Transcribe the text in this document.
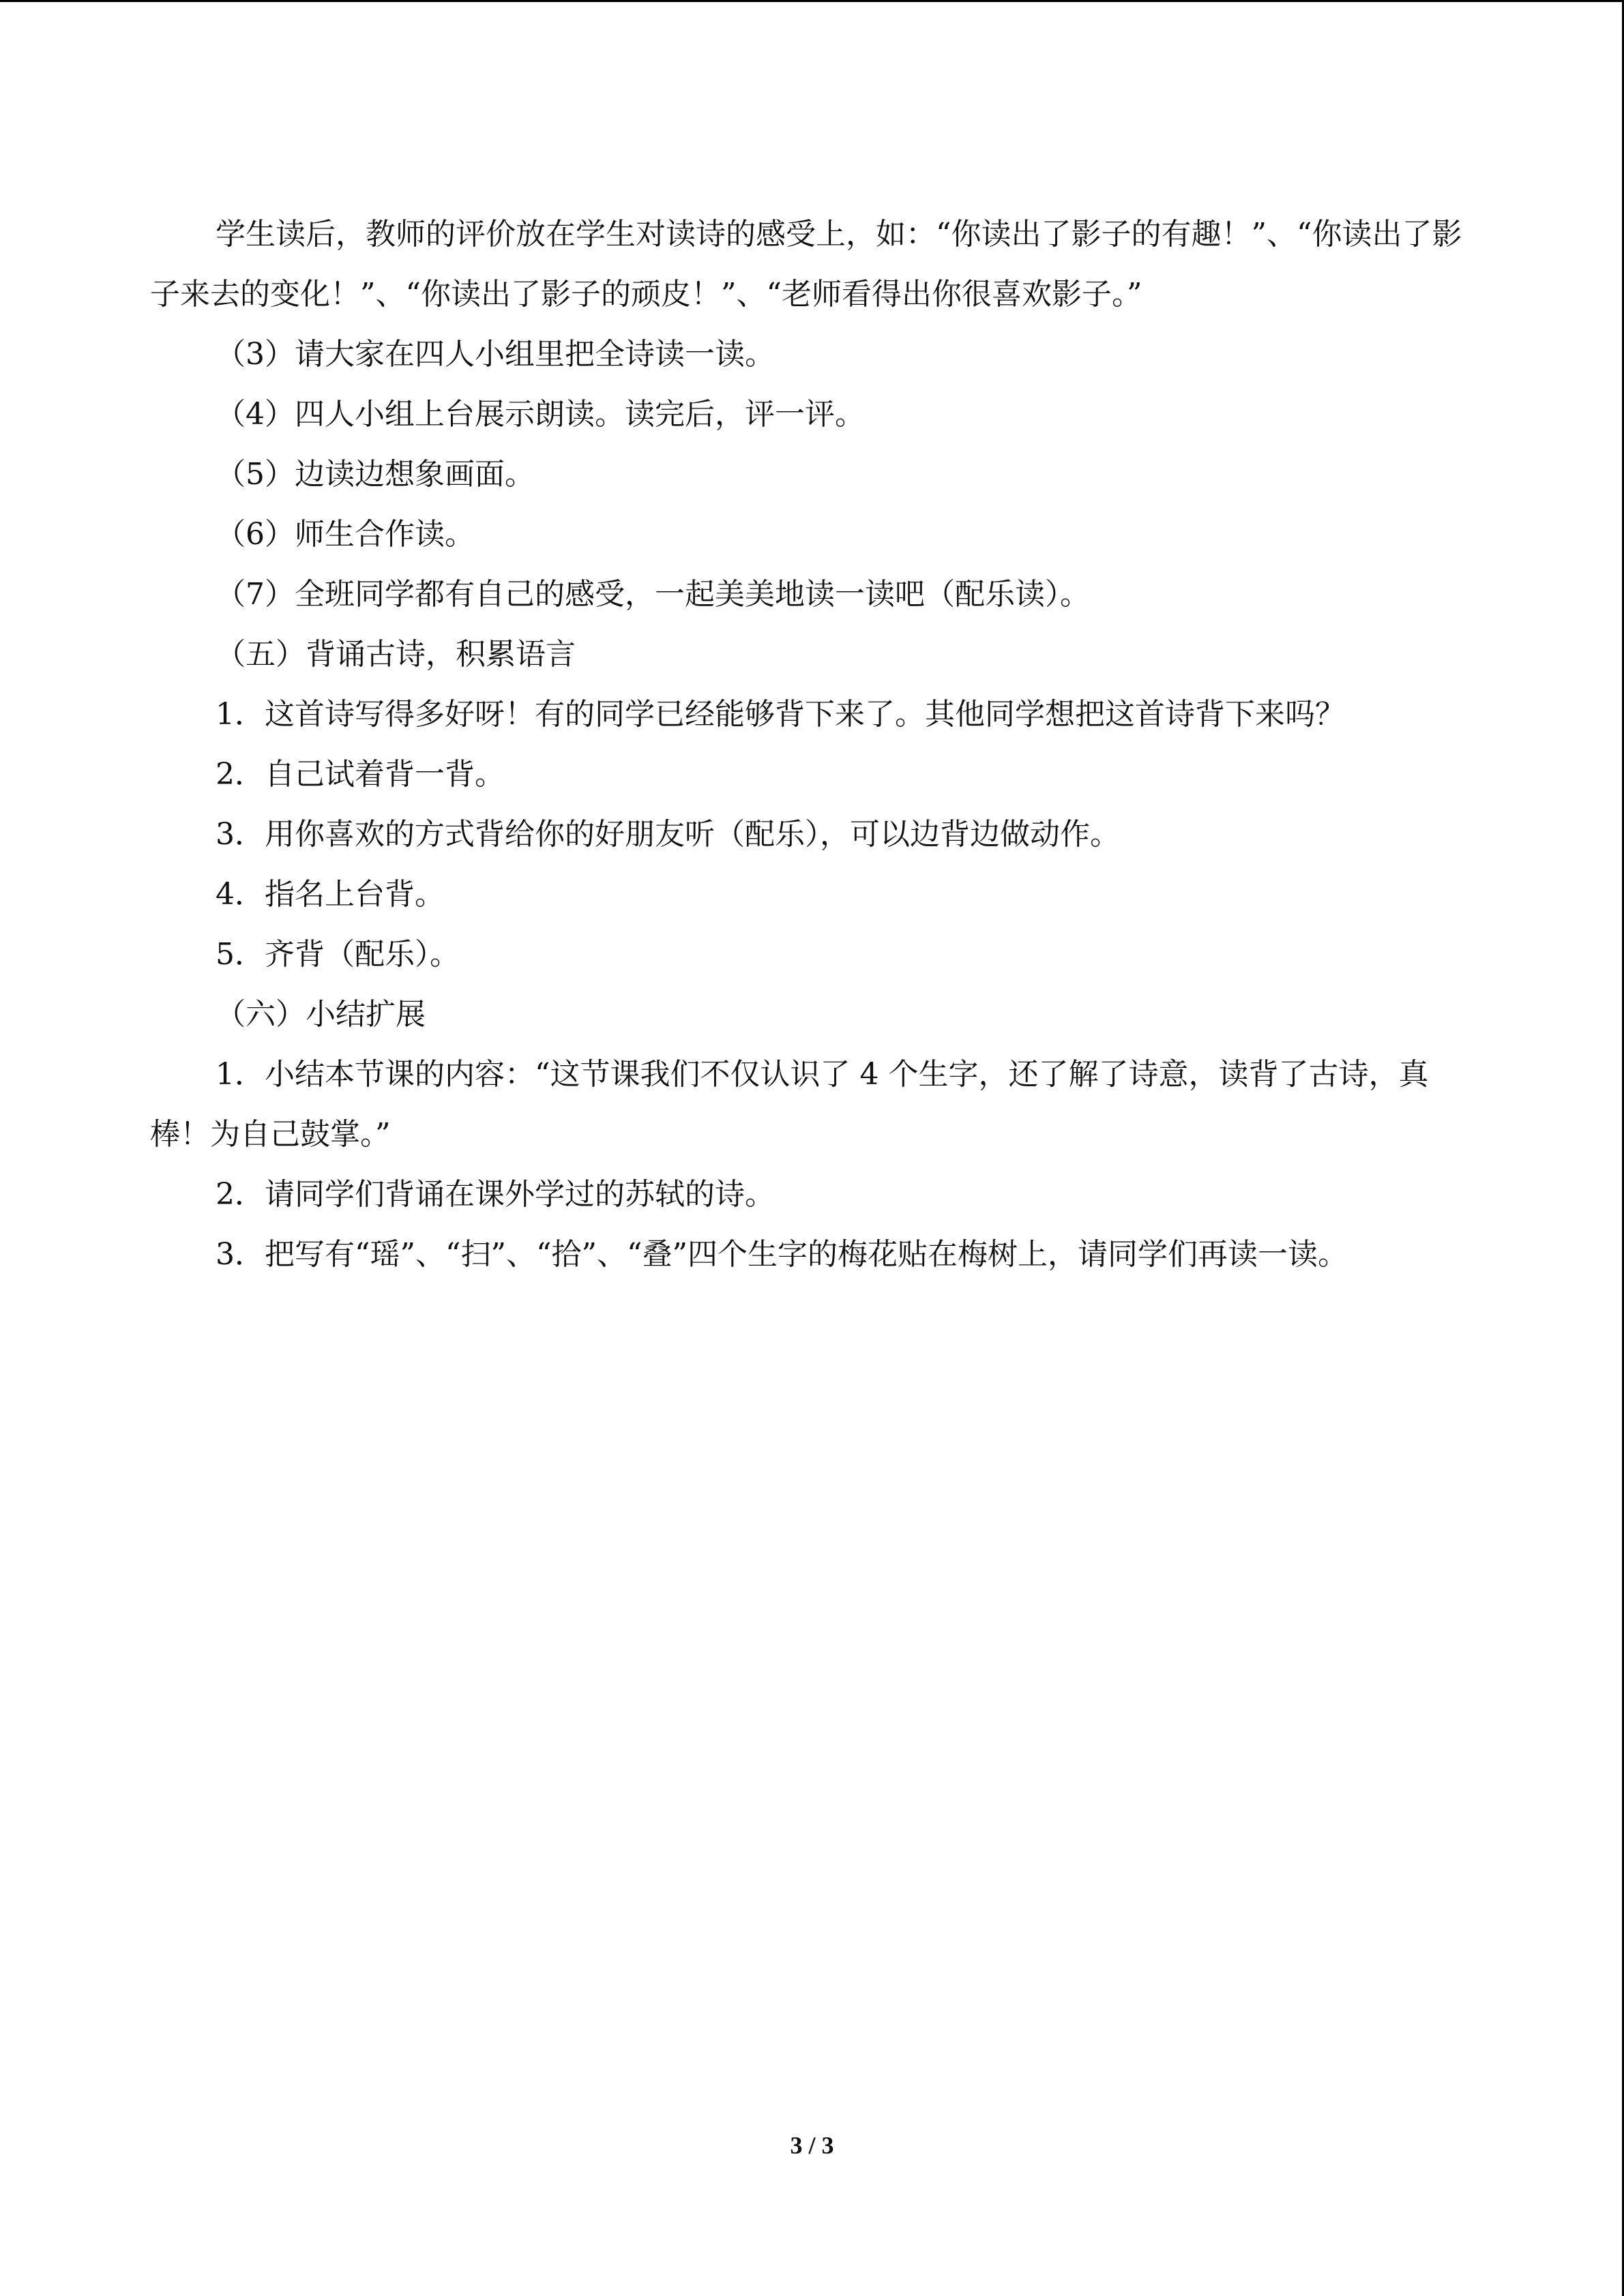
学生读后，教师的评价放在学生对读诗的感受上，如：“你读出了影子的有趣！”、“你读出了影子来去的变化！”、“你读出了影子的顽皮！”、“老师看得出你很喜欢影子。”

（3）请大家在四人小组里把全诗读一读。

（4）四人小组上台展示朗读。读完后，评一评。

（5）边读边想象画面。

（6）师生合作读。

（7）全班同学都有自己的感受，一起美美地读一读吧（配乐读）。

（五）背诵古诗，积累语言

1．这首诗写得多好呀！有的同学已经能够背下来了。其他同学想把这首诗背下来吗？

2．自己试着背一背。

3．用你喜欢的方式背给你的好朋友听（配乐），可以边背边做动作。

4．指名上台背。

5．齐背（配乐）。

（六）小结扩展

1．小结本节课的内容：“这节课我们不仅认识了 4 个生字，还了解了诗意，读背了古诗，真棒！为自己鼓掌。”

2．请同学们背诵在课外学过的苏轼的诗。

3．把写有“瑶”、“扫”、“拾”、“叠”四个生字的梅花贴在梅树上，请同学们再读一读。

3 / 3
